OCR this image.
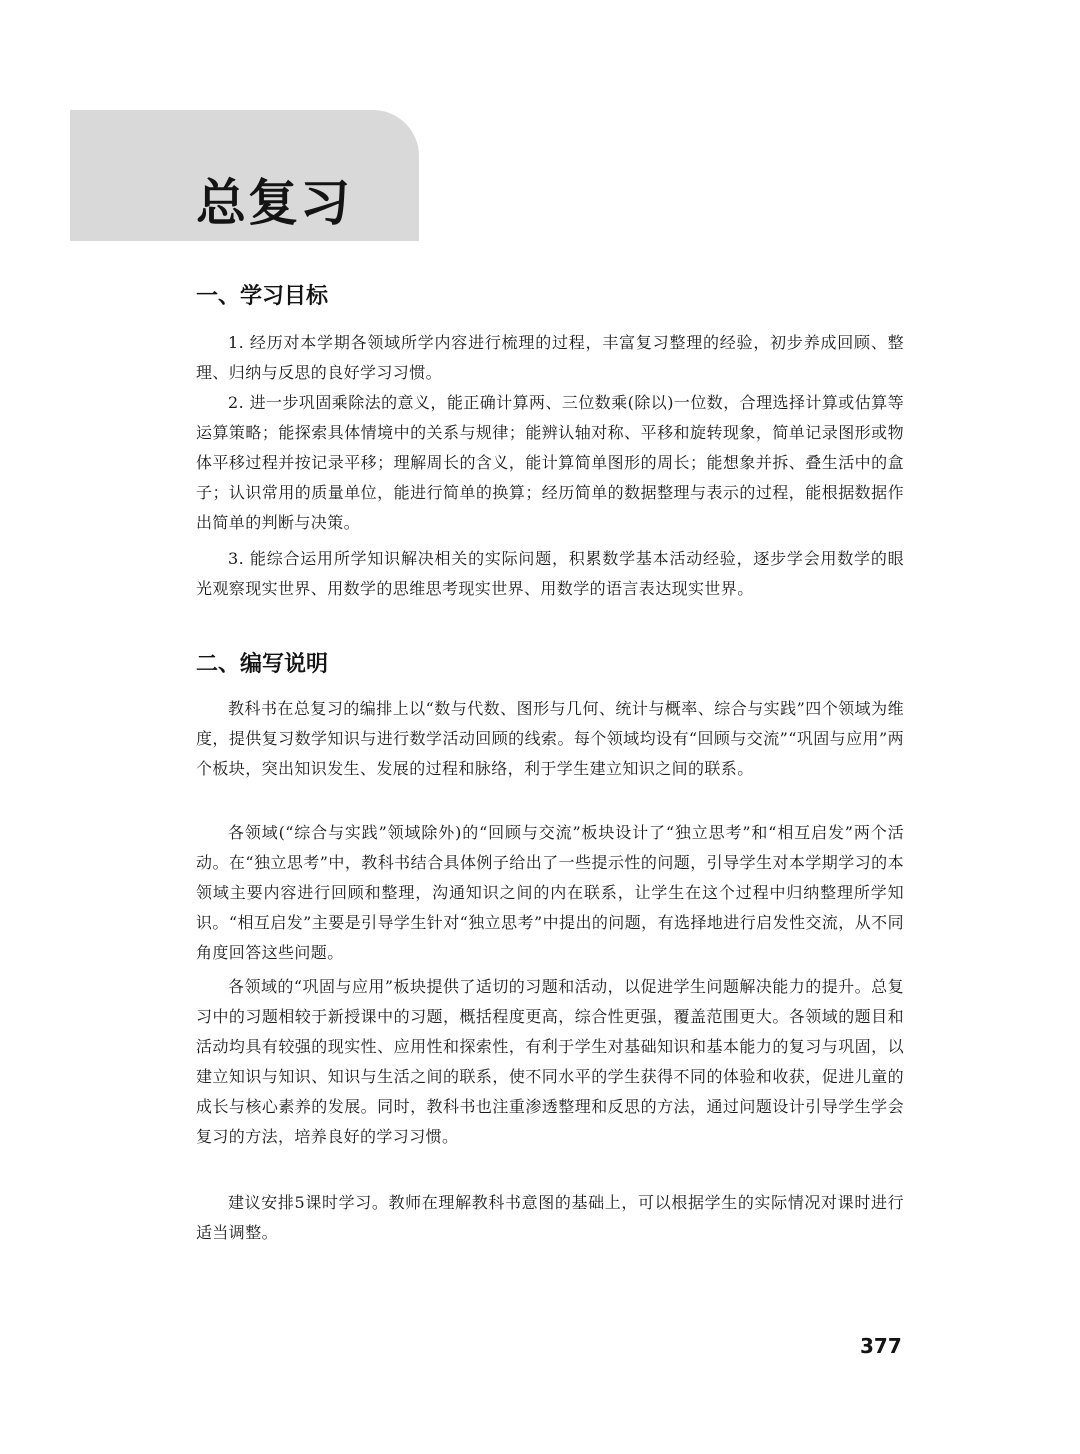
总复习
一、学习目标

1. 经历对本学期各领域所学内容进行梳理的过程，丰富复习整理的经验，初步养成回顾、整理、归纳与反思的良好学习习惯。

2. 进一步巩固乘除法的意义，能正确计算两、三位数乘(除以)一位数，合理选择计算或估算等运算策略；能探索具体情境中的关系与规律；能辨认轴对称、平移和旋转现象，简单记录图形或物体平移过程并按记录平移；理解周长的含义，能计算简单图形的周长；能想象并拆、叠生活中的盒子；认识常用的质量单位，能进行简单的换算；经历简单的数据整理与表示的过程，能根据数据作出简单的判断与决策。

3. 能综合运用所学知识解决相关的实际问题，积累数学基本活动经验，逐步学会用数学的眼光观察现实世界、用数学的思维思考现实世界、用数学的语言表达现实世界。

二、编写说明

教科书在总复习的编排上以“数与代数、图形与几何、统计与概率、综合与实践”四个领域为维度，提供复习数学知识与进行数学活动回顾的线索。每个领域均设有“回顾与交流”“巩固与应用”两个板块，突出知识发生、发展的过程和脉络，利于学生建立知识之间的联系。

各领域(“综合与实践”领域除外)的“回顾与交流”板块设计了“独立思考”和“相互启发”两个活动。在“独立思考”中，教科书结合具体例子给出了一些提示性的问题，引导学生对本学期学习的本领域主要内容进行回顾和整理，沟通知识之间的内在联系，让学生在这个过程中归纳整理所学知识。“相互启发”主要是引导学生针对“独立思考”中提出的问题，有选择地进行启发性交流，从不同角度回答这些问题。

各领域的“巩固与应用”板块提供了适切的习题和活动，以促进学生问题解决能力的提升。总复习中的习题相较于新授课中的习题，概括程度更高，综合性更强，覆盖范围更大。各领域的题目和活动均具有较强的现实性、应用性和探索性，有利于学生对基础知识和基本能力的复习与巩固，以建立知识与知识、知识与生活之间的联系，使不同水平的学生获得不同的体验和收获，促进儿童的成长与核心素养的发展。同时，教科书也注重渗透整理和反思的方法，通过问题设计引导学生学会复习的方法，培养良好的学习习惯。

建议安排5课时学习。教师在理解教科书意图的基础上，可以根据学生的实际情况对课时进行适当调整。

377
